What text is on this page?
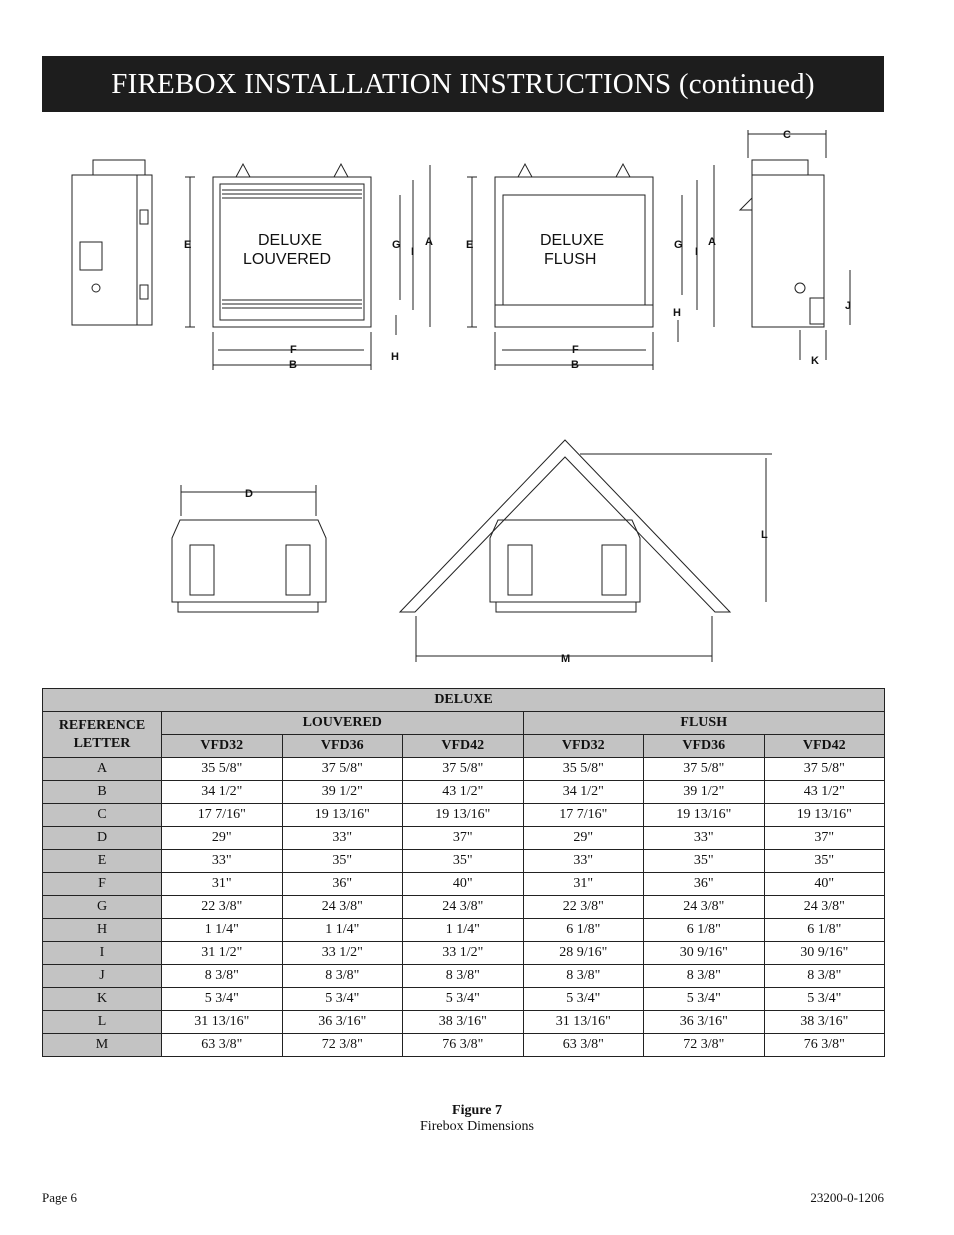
FIREBOX INSTALLATION INSTRUCTIONS (continued)
DELUXE
LOUVERED
DELUXE
FLUSH
E
F
B
G
I
A
H
E
F
B
G
I
A
H
C
J
K
D
L
M
DELUXE						
REFERENCE
LETTER	LOUVERED			FLUSH		
	VFD32	VFD36	VFD42	VFD32	VFD36	VFD42
A	35 5/8"	37 5/8"	37 5/8"	35 5/8"	37 5/8"	37 5/8"
B	34 1/2"	39 1/2"	43 1/2"	34 1/2"	39 1/2"	43 1/2"
C	17 7/16"	19 13/16"	19 13/16"	17 7/16"	19 13/16"	19 13/16"
D	29"	33"	37"	29"	33"	37"
E	33"	35"	35"	33"	35"	35"
F	31"	36"	40"	31"	36"	40"
G	22 3/8"	24 3/8"	24 3/8"	22 3/8"	24 3/8"	24 3/8"
H	1 1/4"	1 1/4"	1 1/4"	6 1/8"	6 1/8"	6 1/8"
I	31 1/2"	33 1/2"	33 1/2"	28 9/16"	30 9/16"	30 9/16"
J	8 3/8"	8 3/8"	8 3/8"	8 3/8"	8 3/8"	8 3/8"
K	5 3/4"	5 3/4"	5 3/4"	5 3/4"	5 3/4"	5 3/4"
L	31 13/16"	36 3/16"	38 3/16"	31 13/16"	36 3/16"	38 3/16"
M	63 3/8"	72 3/8"	76 3/8"	63 3/8"	72 3/8"	76 3/8"
Figure 7
Firebox Dimensions
Page 6	23200-0-1206
